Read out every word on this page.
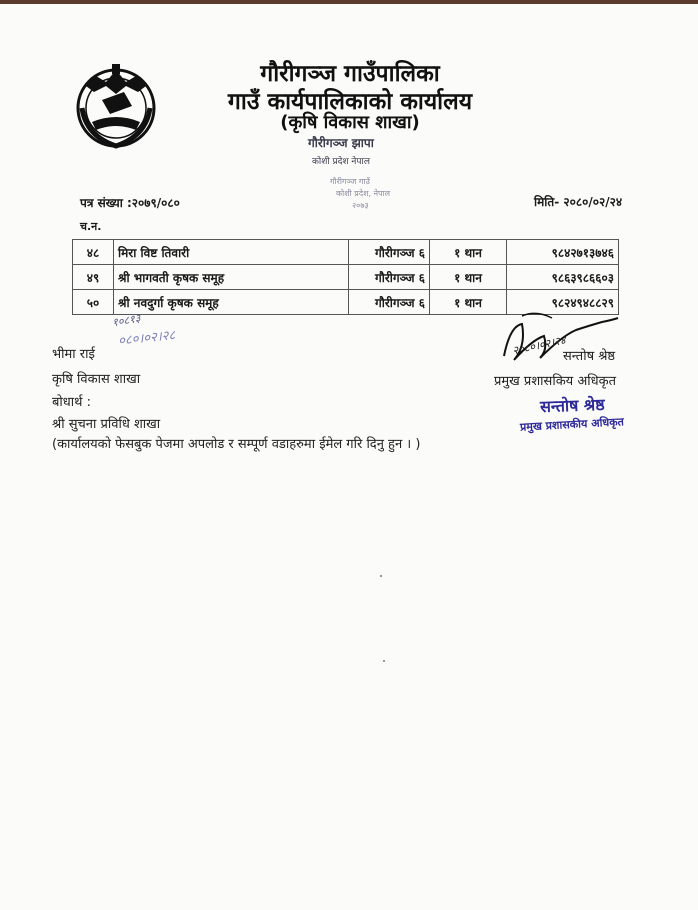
गौरीगञ्ज गाउँपालिका
गाउँ कार्यपालिकाको कार्यालय
(कृषि विकास शाखा)
गौरीगञ्ज झापा
कोशी प्रदेश नेपाल
गौरीगञ्ज गाउँ
कोशी प्रदेश, नेपाल
२०७३
पत्र संख्या :२०७९/०८०	मिति- २०८०/०२/२४
च.न.
४८	मिरा विष्ट तिवारी	गौरीगञ्ज ६	१ थान	९८४२७१३७४६
४९	श्री भागवती कृषक समूह	गौरीगञ्ज ६	१ थान	९८६३९८६६०३
५०	श्री नवदुर्गा कृषक समूह	गौरीगञ्ज ६	१ थान	९८२४९४८८२९
१०८१३
०८०।०२।२८
भीमा राई
कृषि विकास शाखा
बोधार्थ :
श्री सुचना प्रविधि शाखा
(कार्यालयको फेसबुक पेजमा अपलोड र सम्पूर्ण वडाहरुमा ईमेल गरि दिनु हुन । )
२०८०।०२।२४
सन्तोष श्रेष्ठ
प्रमुख प्रशासकिय अधिकृत
सन्तोष श्रेष्ठ
प्रमुख प्रशासकीय अधिकृत
